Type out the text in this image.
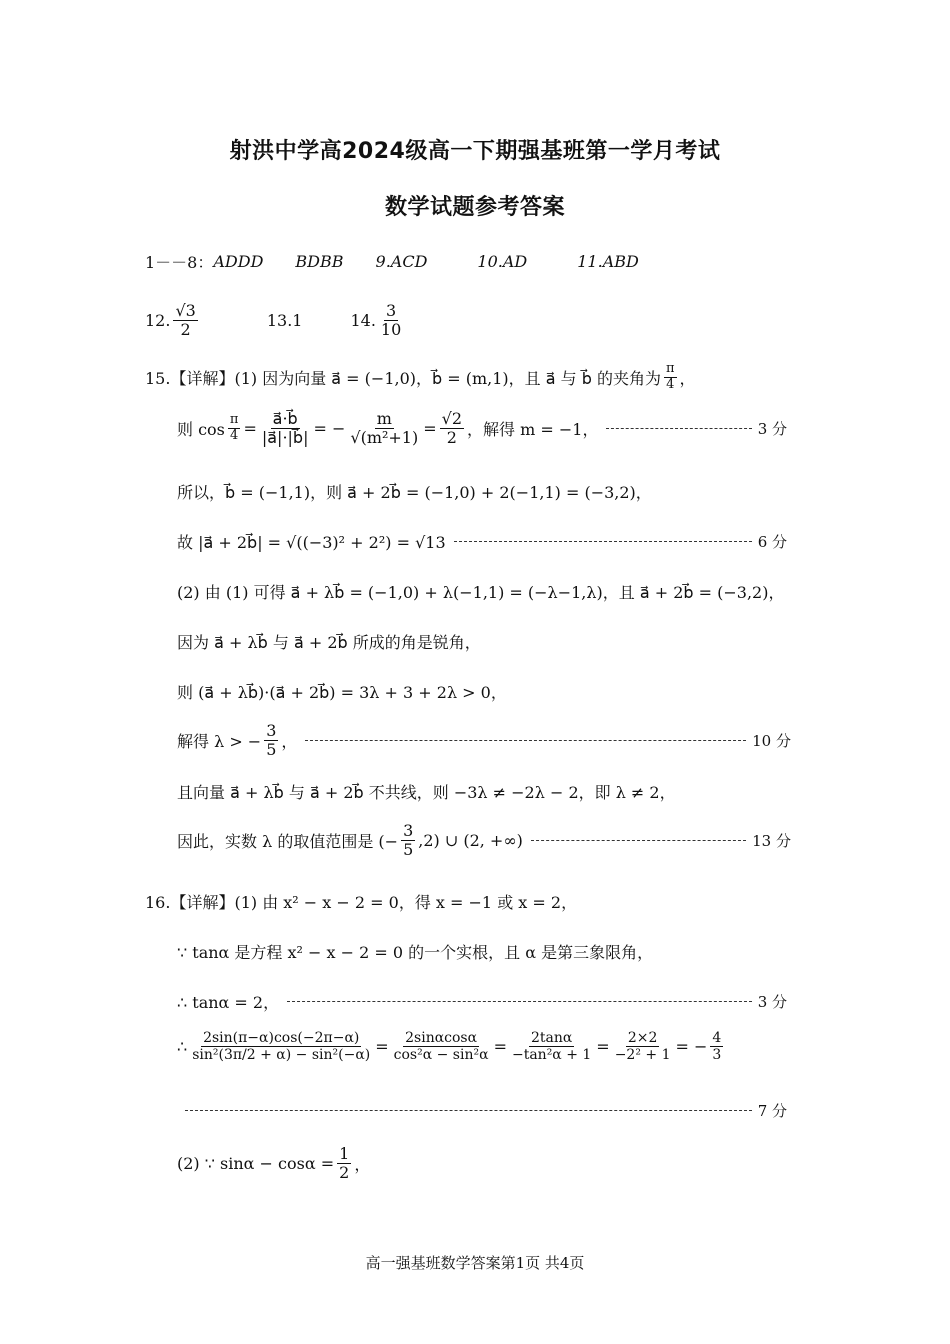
射洪中学高2024级高一下期强基班第一学月考试
数学试题参考答案
1－－8： ADDD BDBB 9.ACD	10.AD	11.ABD
12. $\frac{√3}{2}$	13.1	14. $\frac{3}{10}$
15.【详解】(1) 因为向量 a⃗ = (−1,0)，b⃗ = (m,1)，且 a⃗ 与 b⃗ 的夹角为 $\frac{\pi}{4}$ ，
则 $\cos \frac{\pi}{4} = \frac{a⃗\cdot b⃗}{|a⃗|\cdot|b⃗|}$ = − $\frac{m}{\text{√(m²+1)}} = \frac{√2}{2}$ ，解得 m = −1，	3 分
所以，b⃗ = (−1,1)，则 a⃗ + 2b⃗ = (−1,0) + 2(−1,1) = (−3,2)，
故 |a⃗ + 2b⃗| = √((−3)² + 2²) = √13	6 分
(2) 由 (1) 可得 a⃗ + λb⃗ = (−1,0) + λ(−1,1) = (−λ−1,λ)，且 a⃗ + 2b⃗ = (−3,2)，
因为 a⃗ + λb⃗ 与 a⃗ + 2b⃗ 所成的角是锐角，
则 (a⃗ + λb⃗)·(a⃗ + 2b⃗) = 3λ + 3 + 2λ > 0，
解得 λ > − $\frac{3}{5}$ ，	10 分
且向量 a⃗ + λb⃗ 与 a⃗ + 2b⃗ 不共线，则 −3λ ≠ −2λ − 2，即 λ ≠ 2，
因此，实数 λ 的取值范围是 (− $\frac{3}{5} ,2$) ∪ (2, +∞)	13 分
16.【详解】(1) 由 x² − x − 2 = 0，得 x = −1 或 x = 2，
∵ tanα 是方程 x² − x − 2 = 0 的一个实根，且 α 是第三象限角，
∴ tanα = 2，	3 分
∴ $\frac{2\sin(\pi-\alpha)\cos(-2\pi-\alpha)}{\text{sin²(3π/2 + α) − sin²(−α)}} = \frac{2\sin\alpha\cos\alpha}{\text{cos²α − sin²α}} = \frac{2\tan\alpha}{\text{−tan²α + 1}} = \frac{2\times 2}{\text{−2² + 1}}$ = − $\frac{4}{3}$
7 分
(2) ∵ $\sin\alpha - \cos\alpha = \frac{1}{2}$ ，
高一强基班数学答案第1页 共4页
